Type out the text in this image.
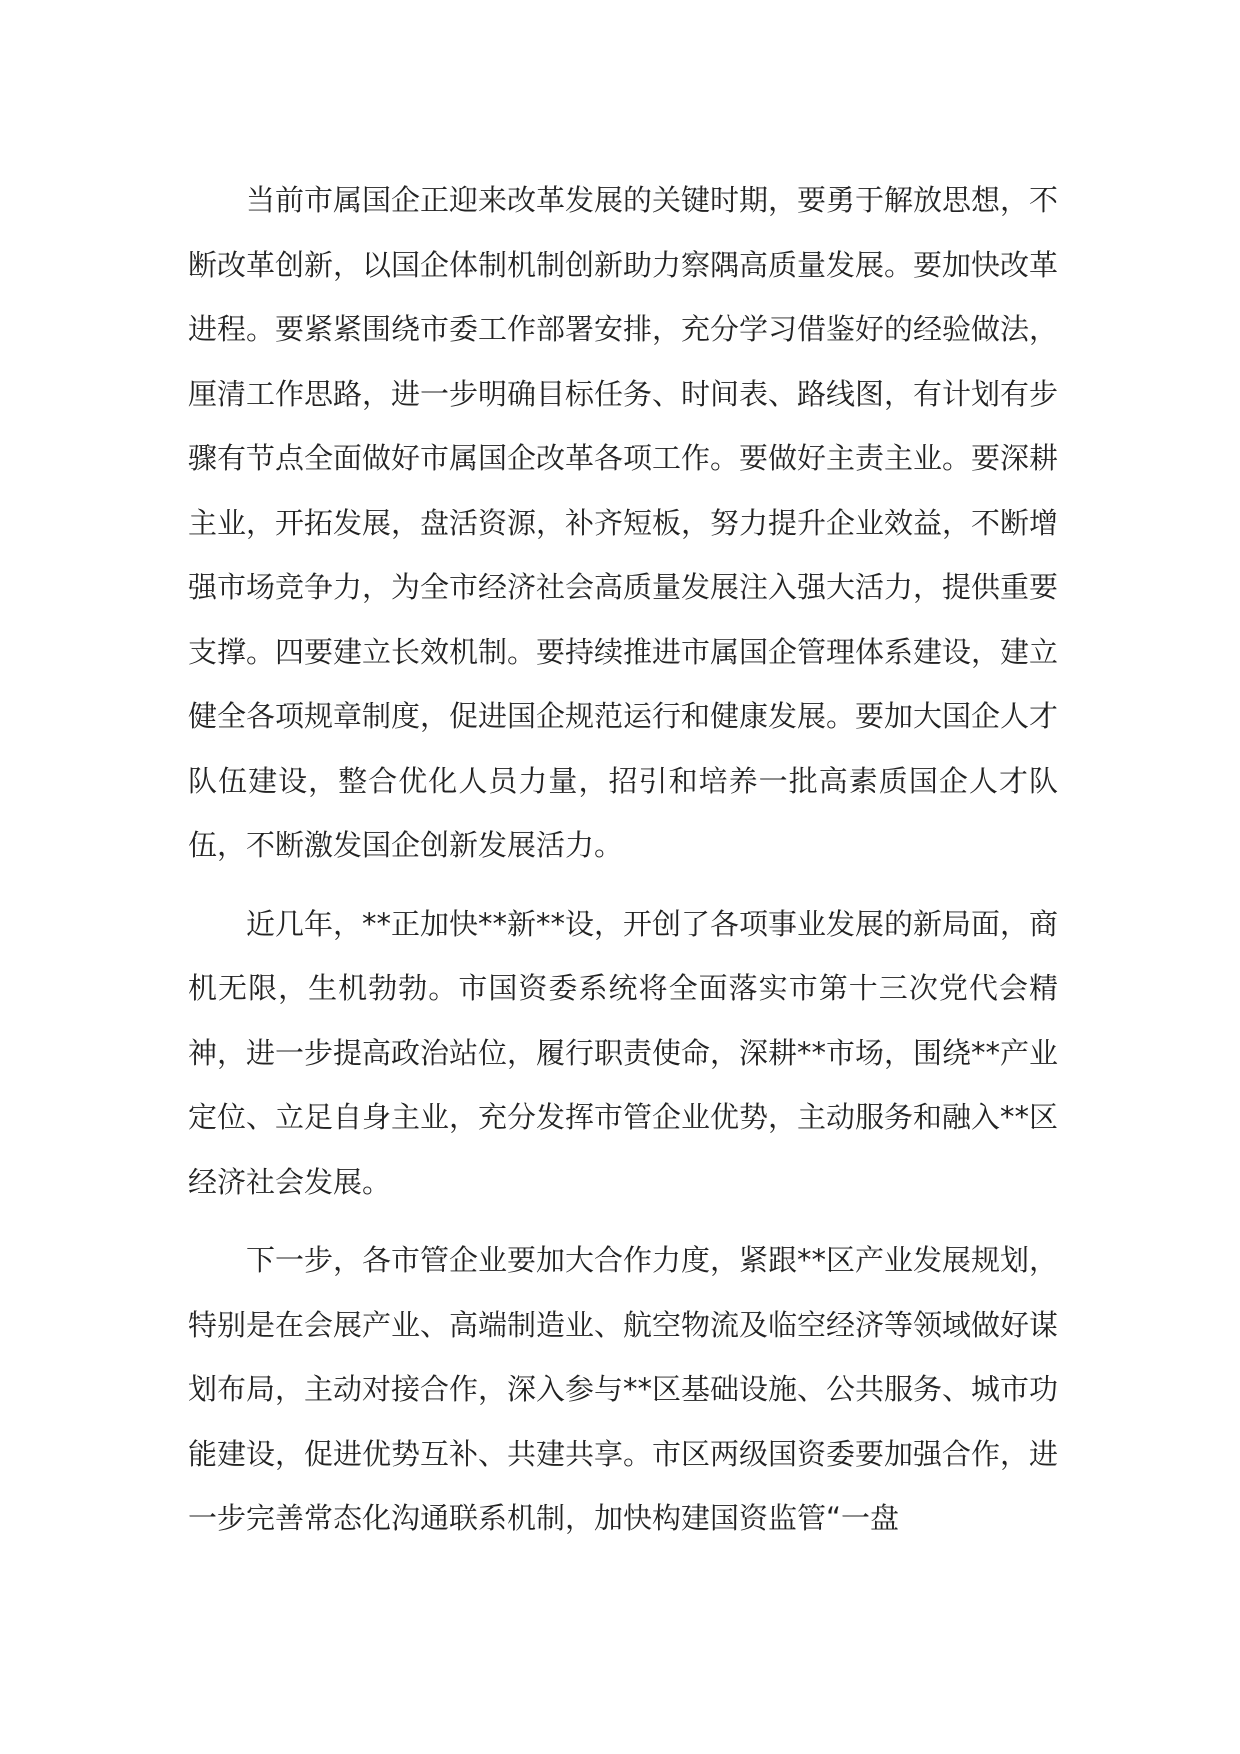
当前市属国企正迎来改革发展的关键时期，要勇于解放思想，不断改革创新，以国企体制机制创新助力察隅高质量发展。要加快改革进程。要紧紧围绕市委工作部署安排，充分学习借鉴好的经验做法，厘清工作思路，进一步明确目标任务、时间表、路线图，有计划有步骤有节点全面做好市属国企改革各项工作。要做好主责主业。要深耕主业，开拓发展，盘活资源，补齐短板，努力提升企业效益，不断增强市场竞争力，为全市经济社会高质量发展注入强大活力，提供重要支撑。四要建立长效机制。要持续推进市属国企管理体系建设，建立健全各项规章制度，促进国企规范运行和健康发展。要加大国企人才队伍建设，整合优化人员力量，招引和培养一批高素质国企人才队伍，不断激发国企创新发展活力。

近几年，**正加快**新**设，开创了各项事业发展的新局面，商机无限，生机勃勃。市国资委系统将全面落实市第十三次党代会精神，进一步提高政治站位，履行职责使命，深耕**市场，围绕**产业定位、立足自身主业，充分发挥市管企业优势，主动服务和融入**区经济社会发展。

下一步，各市管企业要加大合作力度，紧跟**区产业发展规划，特别是在会展产业、高端制造业、航空物流及临空经济等领域做好谋划布局，主动对接合作，深入参与**区基础设施、公共服务、城市功能建设，促进优势互补、共建共享。市区两级国资委要加强合作，进一步完善常态化沟通联系机制，加快构建国资监管“一盘
